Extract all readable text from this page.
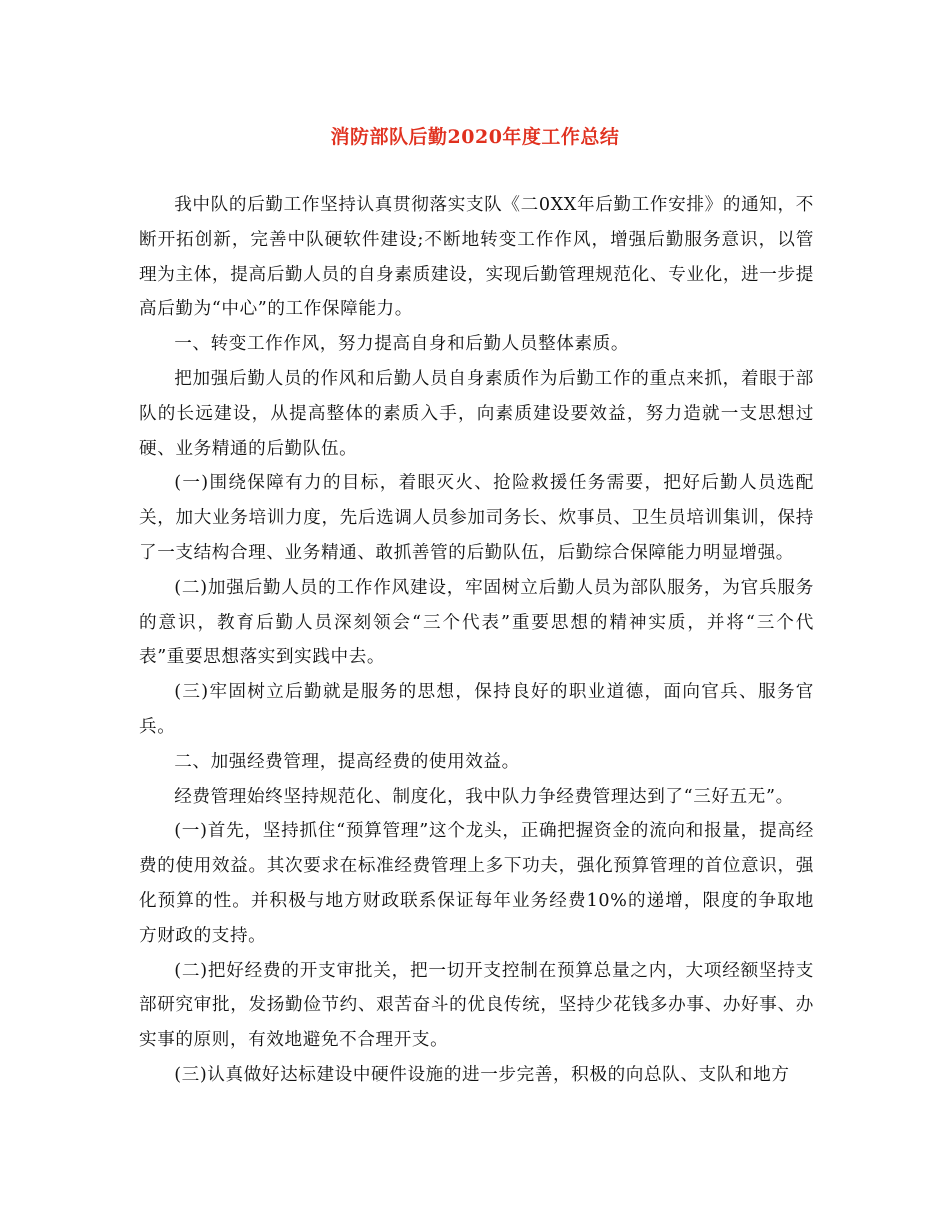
消防部队后勤2020年度工作总结

我中队的后勤工作坚持认真贯彻落实支队《二0XX年后勤工作安排》的通知，不断开拓创新，完善中队硬软件建设;不断地转变工作作风，增强后勤服务意识，以管理为主体，提高后勤人员的自身素质建设，实现后勤管理规范化、专业化，进一步提高后勤为“中心”的工作保障能力。

一、转变工作作风，努力提高自身和后勤人员整体素质。

把加强后勤人员的作风和后勤人员自身素质作为后勤工作的重点来抓，着眼于部队的长远建设，从提高整体的素质入手，向素质建设要效益，努力造就一支思想过硬、业务精通的后勤队伍。

(一)围绕保障有力的目标，着眼灭火、抢险救援任务需要，把好后勤人员选配关，加大业务培训力度，先后选调人员参加司务长、炊事员、卫生员培训集训，保持了一支结构合理、业务精通、敢抓善管的后勤队伍，后勤综合保障能力明显增强。

(二)加强后勤人员的工作作风建设，牢固树立后勤人员为部队服务，为官兵服务的意识，教育后勤人员深刻领会“三个代表”重要思想的精神实质，并将“三个代表”重要思想落实到实践中去。

(三)牢固树立后勤就是服务的思想，保持良好的职业道德，面向官兵、服务官兵。

二、加强经费管理，提高经费的使用效益。

经费管理始终坚持规范化、制度化，我中队力争经费管理达到了“三好五无”。

(一)首先，坚持抓住“预算管理”这个龙头，正确把握资金的流向和报量，提高经费的使用效益。其次要求在标准经费管理上多下功夫，强化预算管理的首位意识，强化预算的性。并积极与地方财政联系保证每年业务经费10%的递增，限度的争取地方财政的支持。

(二)把好经费的开支审批关，把一切开支控制在预算总量之内，大项经额坚持支部研究审批，发扬勤俭节约、艰苦奋斗的优良传统，坚持少花钱多办事、办好事、办实事的原则，有效地避免不合理开支。

(三)认真做好达标建设中硬件设施的进一步完善，积极的向总队、支队和地方
